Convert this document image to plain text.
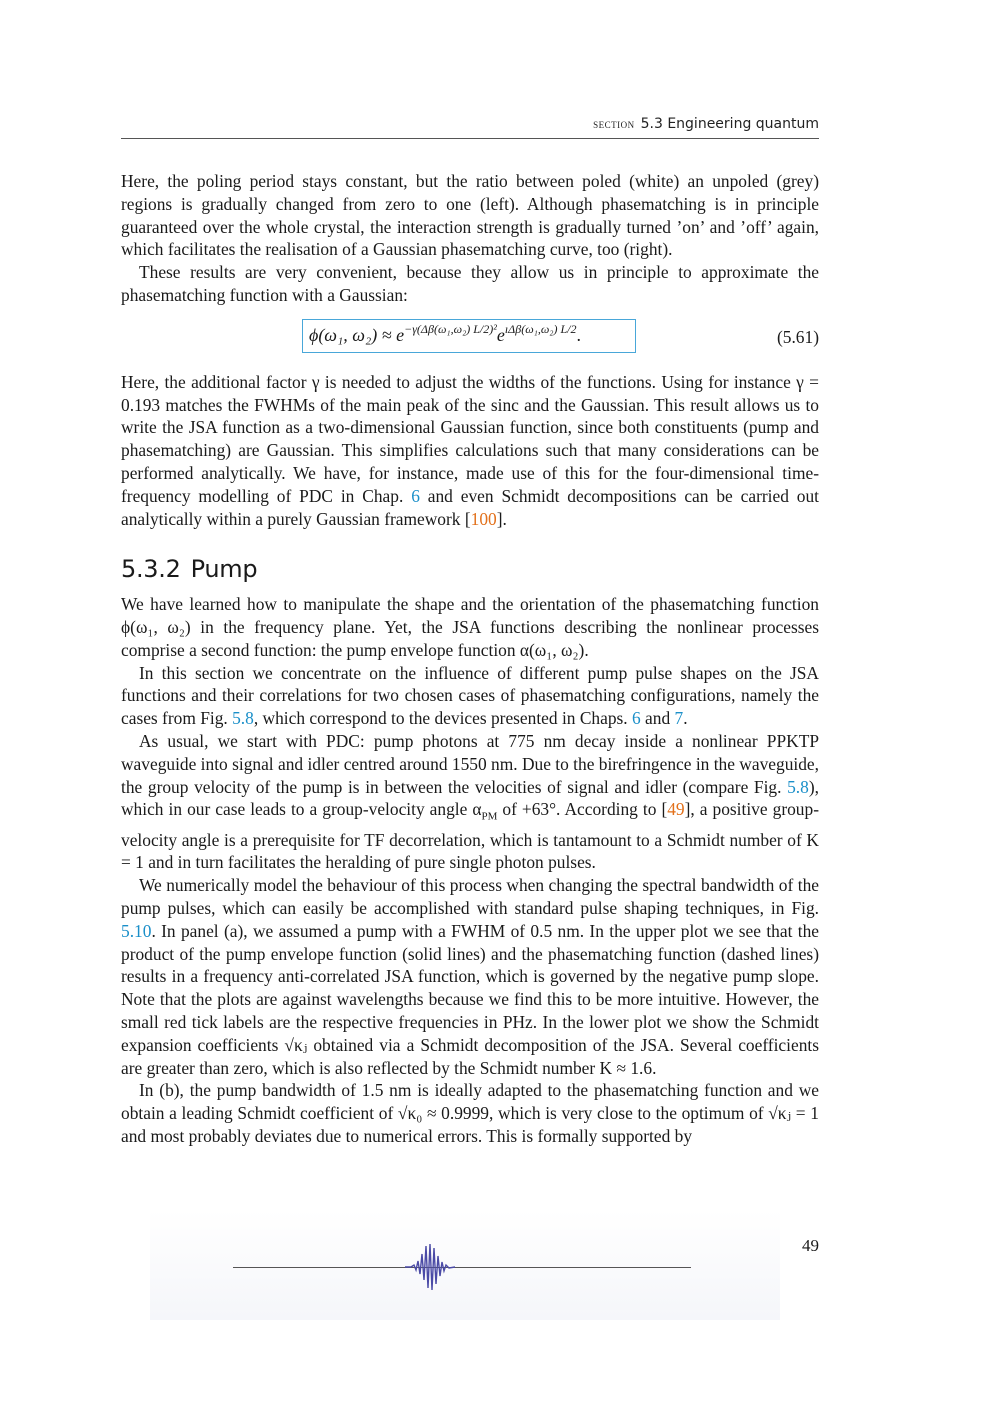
section 5.3 Engineering quantum

Here, the poling period stays constant, but the ratio between poled (white) an unpoled (grey) regions is gradually changed from zero to one (left). Although phasematching is in principle guaranteed over the whole crystal, the interaction strength is gradually turned ’on’ and ’off’ again, which facilitates the realisation of a Gaussian phasematching curve, too (right).

These results are very convenient, because they allow us in principle to approximate the phasematching function with a Gaussian:

ϕ(ω₁, $\omega_2) \approx e^{-\gamma(\Delta\beta(\omega_1,\omega_2) L/2)^2}$ $e^{ı\Delta\beta(\omega_1,\omega_2) L/2}$ .	(5.61)

Here, the additional factor γ is needed to adjust the widths of the functions. Using for instance γ = 0.193 matches the FWHMs of the main peak of the sinc and the Gaussian. This result allows us to write the JSA function as a two-dimensional Gaussian function, since both constituents (pump and phasematching) are Gaussian. This simplifies calculations such that many considerations can be performed analytically. We have, for instance, made use of this for the four-dimensional time-frequency modelling of PDC in Chap. 6 and even Schmidt decompositions can be carried out analytically within a purely Gaussian framework [100].

5.3.2 Pump

We have learned how to manipulate the shape and the orientation of the phasematching function ϕ(ω₁, ω₂) in the frequency plane. Yet, the JSA functions describing the nonlinear processes comprise a second function: the pump envelope function α(ω₁, ω₂).

In this section we concentrate on the influence of different pump pulse shapes on the JSA functions and their correlations for two chosen cases of phasematching configurations, namely the cases from Fig. 5.8, which correspond to the devices presented in Chaps. 6 and 7.

As usual, we start with PDC: pump photons at 775 nm decay inside a nonlinear PPKTP waveguide into signal and idler centred around 1550 nm. Due to the birefringence in the waveguide, the group velocity of the pump is in between the velocities of signal and idler (compare Fig. 5.8), which in our case leads to a group-velocity angle $\alpha_{PM}$ of +63°. According to [49], a positive group-velocity angle is a prerequisite for TF decorrelation, which is tantamount to a Schmidt number of K = 1 and in turn facilitates the heralding of pure single photon pulses.

We numerically model the behaviour of this process when changing the spectral bandwidth of the pump pulses, which can easily be accomplished with standard pulse shaping techniques, in Fig. 5.10. In panel (a), we assumed a pump with a FWHM of 0.5 nm. In the upper plot we see that the product of the pump envelope function (solid lines) and the phasematching function (dashed lines) results in a frequency anti-correlated JSA function, which is governed by the negative pump slope. Note that the plots are against wavelengths because we find this to be more intuitive. However, the small red tick labels are the respective frequencies in PHz. In the lower plot we show the Schmidt expansion coefficients √κⱼ obtained via a Schmidt decomposition of the JSA. Several coefficients are greater than zero, which is also reflected by the Schmidt number K ≈ 1.6.

In (b), the pump bandwidth of 1.5 nm is ideally adapted to the phasematching function and we obtain a leading Schmidt coefficient of √κ₀ ≈ 0.9999, which is very close to the optimum of √κⱼ = 1 and most probably deviates due to numerical errors. This is formally supported by

49
